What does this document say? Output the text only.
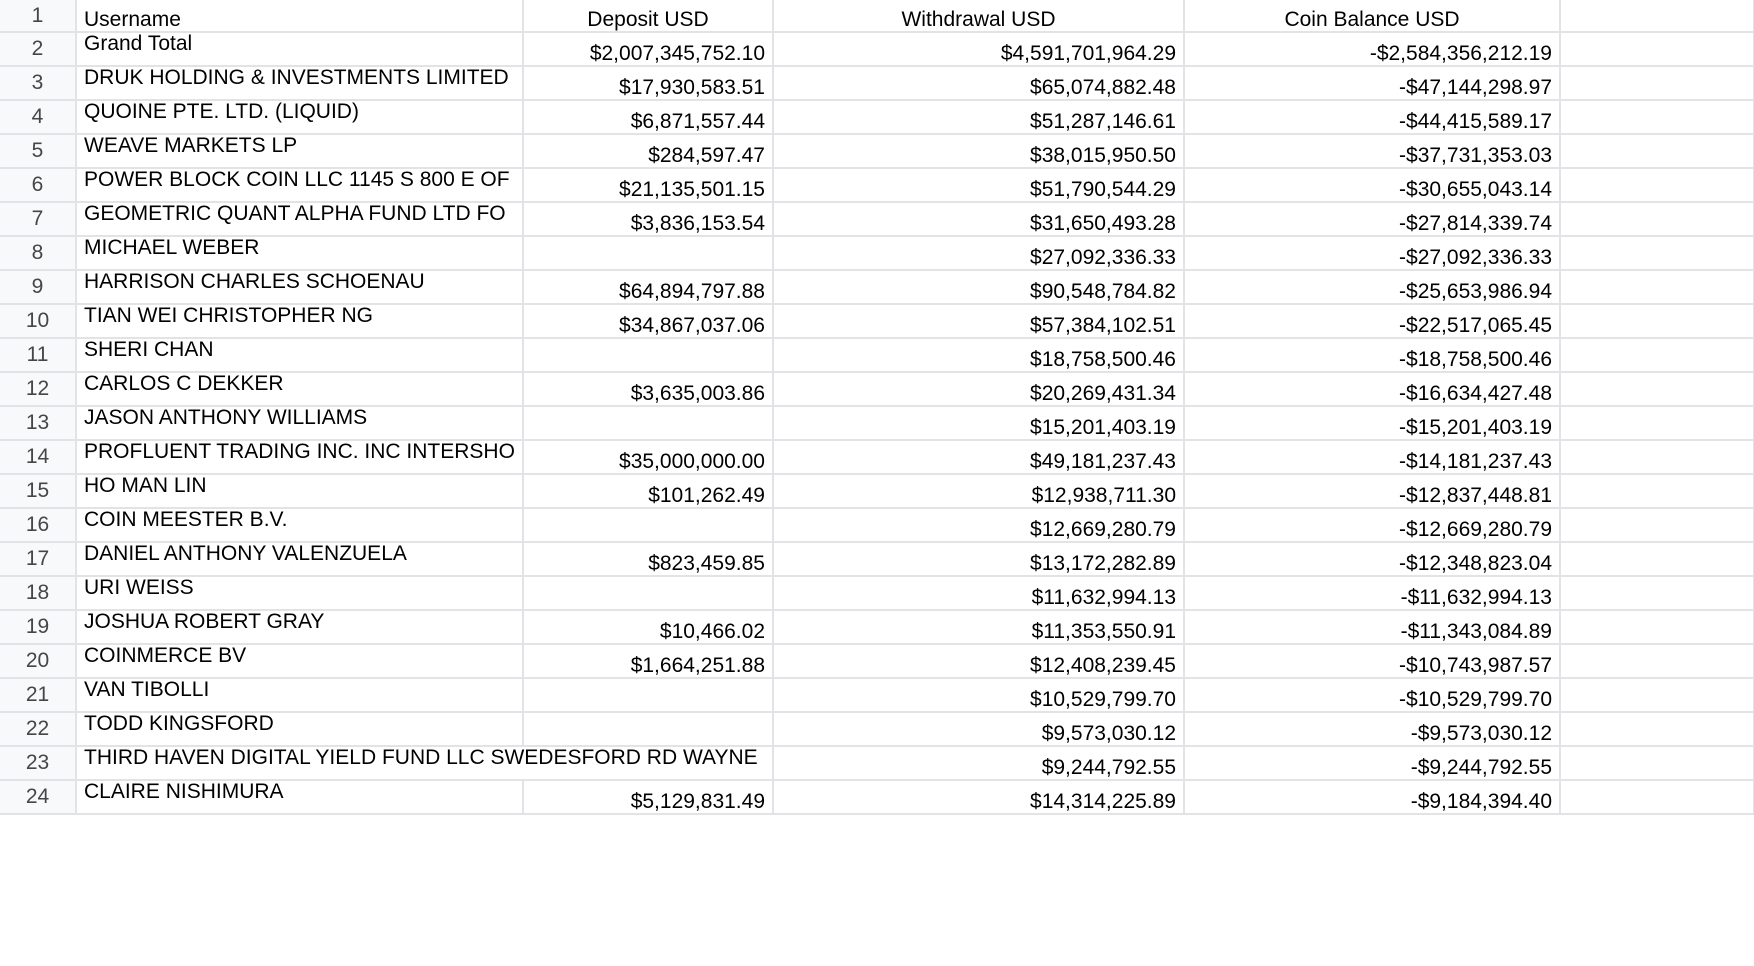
1	Username	Deposit USD	Withdrawal USD	Coin Balance USD	
2	Grand Total	$2,007,345,752.10	$4,591,701,964.29	-$2,584,356,212.19	
3	DRUK HOLDING & INVESTMENTS LIMITED	$17,930,583.51	$65,074,882.48	-$47,144,298.97	
4	QUOINE PTE. LTD. (LIQUID)	$6,871,557.44	$51,287,146.61	-$44,415,589.17	
5	WEAVE MARKETS LP	$284,597.47	$38,015,950.50	-$37,731,353.03	
6	POWER BLOCK COIN LLC 1145 S 800 E OF	$21,135,501.15	$51,790,544.29	-$30,655,043.14	
7	GEOMETRIC QUANT ALPHA FUND LTD FO	$3,836,153.54	$31,650,493.28	-$27,814,339.74	
8	MICHAEL WEBER		$27,092,336.33	-$27,092,336.33	
9	HARRISON CHARLES SCHOENAU	$64,894,797.88	$90,548,784.82	-$25,653,986.94	
10	TIAN WEI CHRISTOPHER NG	$34,867,037.06	$57,384,102.51	-$22,517,065.45	
11	SHERI CHAN		$18,758,500.46	-$18,758,500.46	
12	CARLOS C DEKKER	$3,635,003.86	$20,269,431.34	-$16,634,427.48	
13	JASON ANTHONY WILLIAMS		$15,201,403.19	-$15,201,403.19	
14	PROFLUENT TRADING INC. INC INTERSHO	$35,000,000.00	$49,181,237.43	-$14,181,237.43	
15	HO MAN LIN	$101,262.49	$12,938,711.30	-$12,837,448.81	
16	COIN MEESTER B.V.		$12,669,280.79	-$12,669,280.79	
17	DANIEL ANTHONY VALENZUELA	$823,459.85	$13,172,282.89	-$12,348,823.04	
18	URI WEISS		$11,632,994.13	-$11,632,994.13	
19	JOSHUA ROBERT GRAY	$10,466.02	$11,353,550.91	-$11,343,084.89	
20	COINMERCE BV	$1,664,251.88	$12,408,239.45	-$10,743,987.57	
21	VAN TIBOLLI		$10,529,799.70	-$10,529,799.70	
22	TODD KINGSFORD		$9,573,030.12	-$9,573,030.12	
23	THIRD HAVEN DIGITAL YIELD FUND LLC SWEDESFORD RD WAYNE		$9,244,792.55	-$9,244,792.55	
24	CLAIRE NISHIMURA	$5,129,831.49	$14,314,225.89	-$9,184,394.40	
